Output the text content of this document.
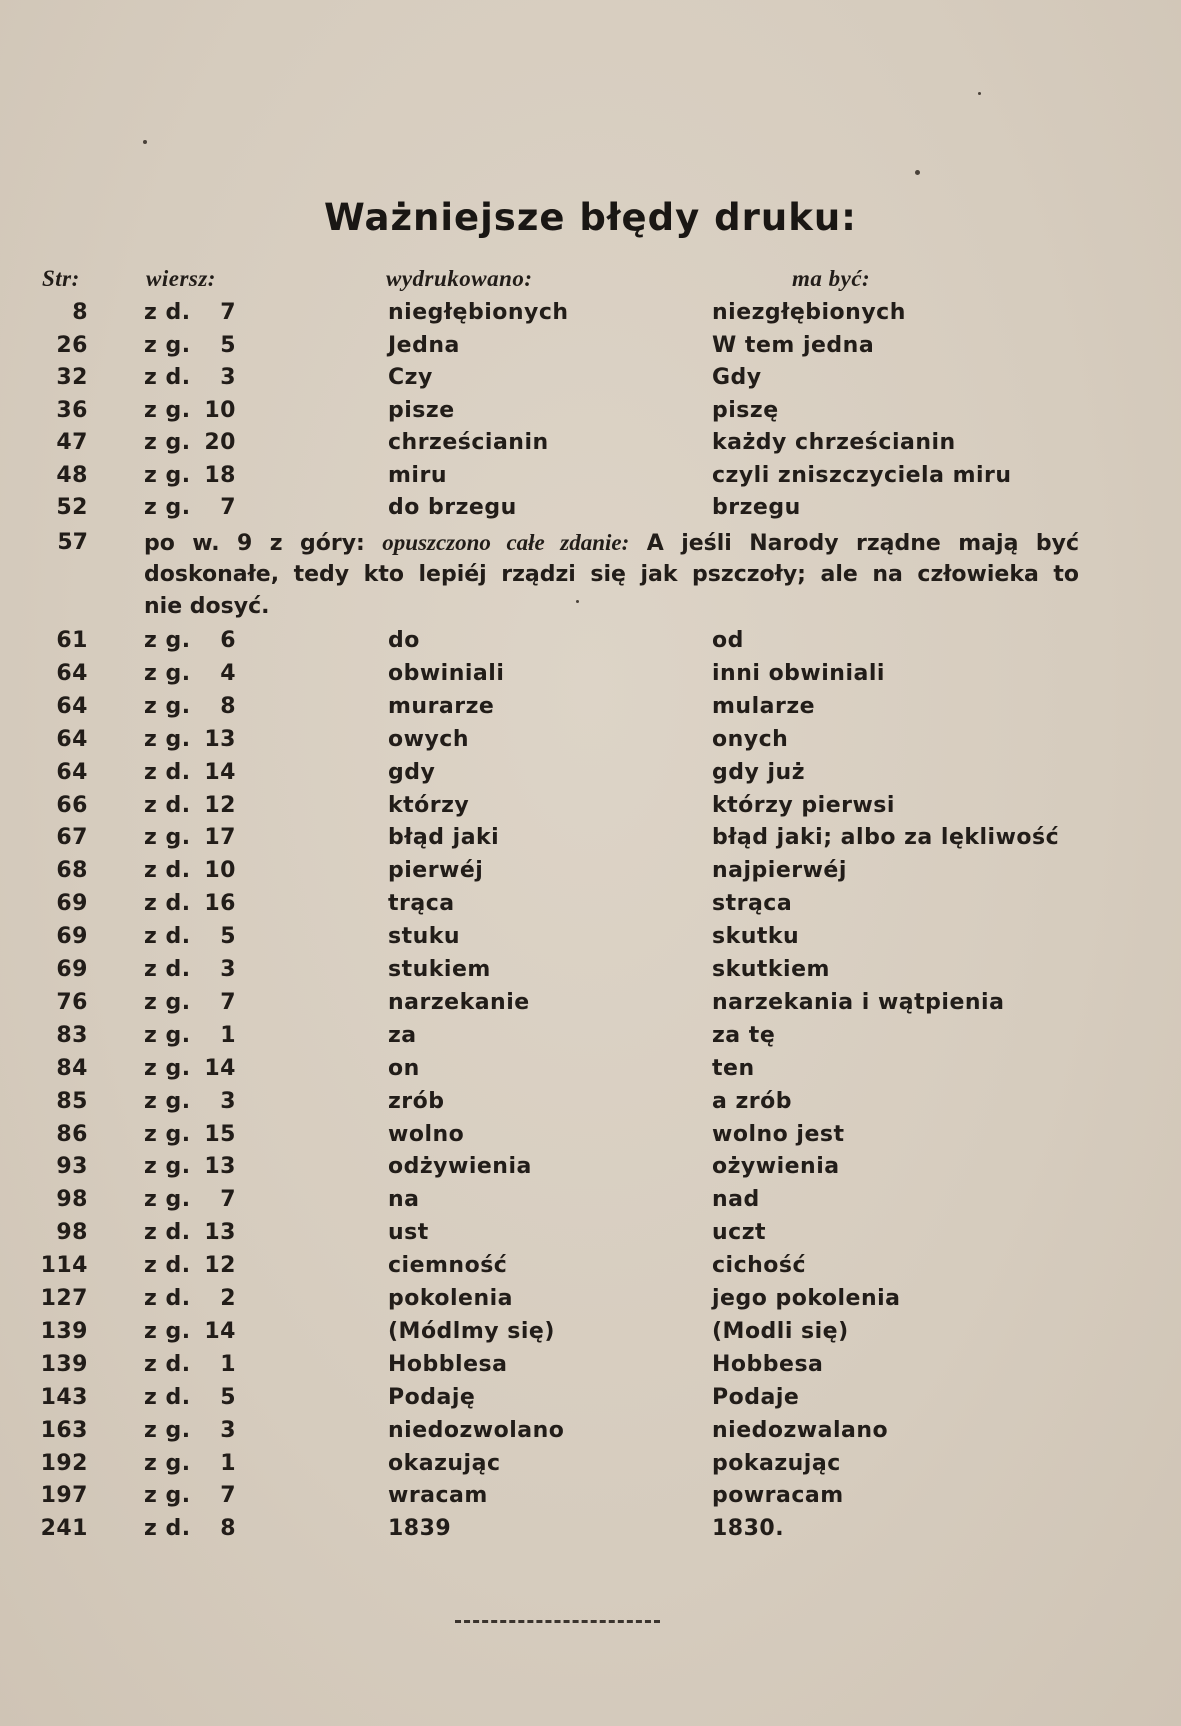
Ważniejsze błędy druku:
Str:	wiersz:	wydrukowano:	ma być:
8	z d.	7	niegłębionych	niezgłębionych
26	z g.	5	Jedna	W tem jedna
32	z d.	3	Czy	Gdy
36	z g. 10	pisze	piszę
47	z g. 20	chrześcianin	każdy chrześcianin
48	z g. 18	miru	czyli zniszczyciela miru
52	z g.	7	do brzegu	brzegu
57	po w. 9 z góry: opuszczono całe zdanie: A jeśli Narody rządne mają być
doskonałe, tedy kto lepiéj rządzi się jak pszczoły; ale na człowieka to
nie dosyć.
61	z g.	6	do	od
64	z g.	4	obwiniali	inni obwiniali
64	z g.	8	murarze	mularze
64	z g. 13	owych	onych
64	z d. 14	gdy	gdy już
66	z d. 12	którzy	którzy pierwsi
67	z g. 17	błąd jaki	błąd jaki; albo za lękliwość
68	z d. 10	pierwéj	najpierwéj
69	z d. 16	trąca	strąca
69	z d.	5	stuku	skutku
69	z d.	3	stukiem	skutkiem
76	z g.	7	narzekanie	narzekania i wątpienia
83	z g.	1	za	za tę
84	z g. 14	on	ten
85	z g.	3	zrób	a zrób
86	z g. 15	wolno	wolno jest
93	z g. 13	odżywienia	ożywienia
98	z g.	7	na	nad
98	z d. 13	ust	uczt
114	z d. 12	ciemność	cichość
127	z d.	2	pokolenia	jego pokolenia
139	z g. 14	(Módlmy się)	(Modli się)
139	z d.	1	Hobblesa	Hobbesa
143	z d.	5	Podaję	Podaje
163	z g.	3	niedozwolano	niedozwalano
192	z g.	1	okazując	pokazując
197	z g.	7	wracam	powracam
241	z d.	8	1839	1830.
